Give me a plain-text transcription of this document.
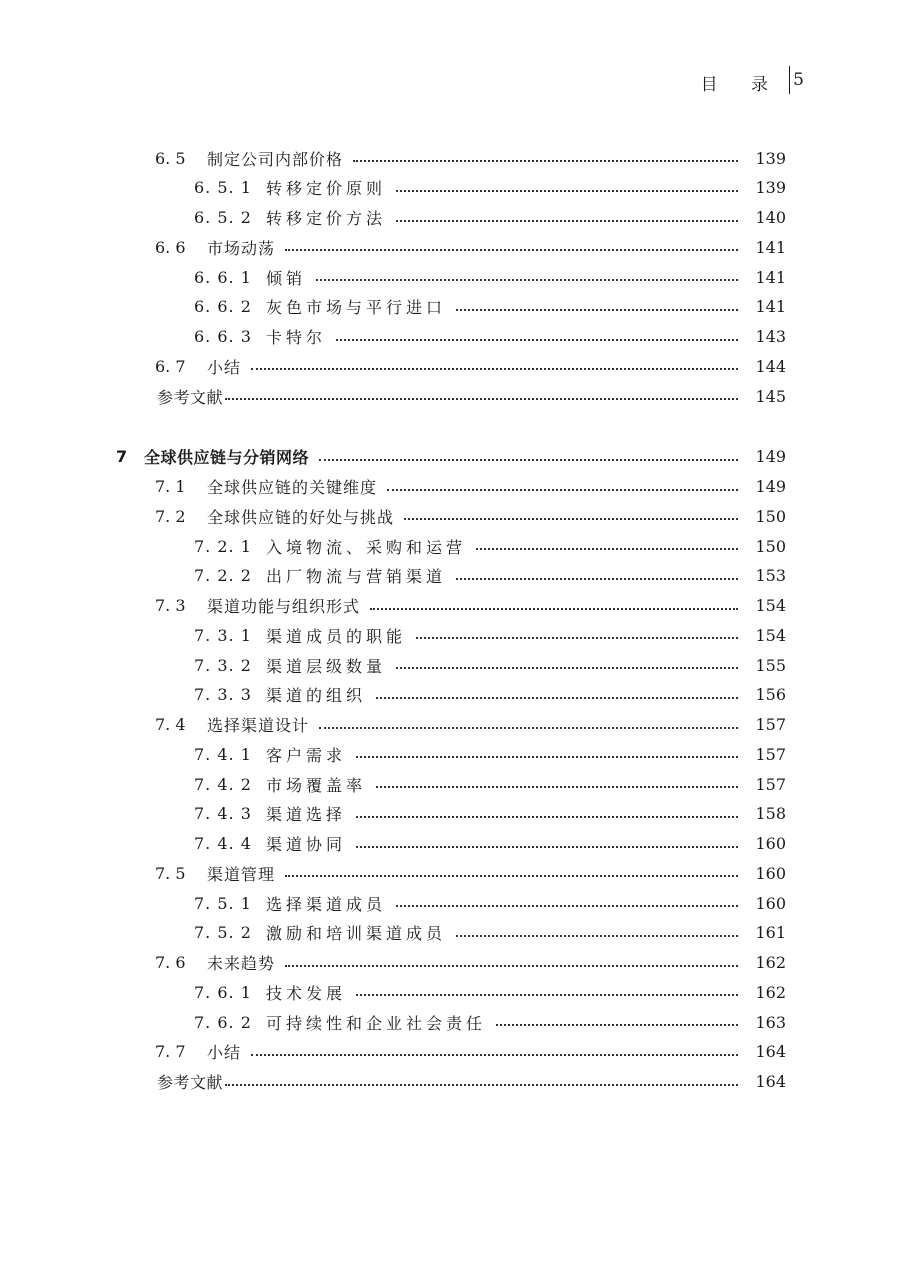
目 录 5
6. 5	制定公司内部价格	139
6. 5. 1 转移定价原则	139
6. 5. 2 转移定价方法	140
6. 6	市场动荡	141
6. 6. 1 倾销	141
6. 6. 2 灰色市场与平行进口	141
6. 6. 3 卡特尔	143
6. 7	小结	144
参考文献	145
7	全球供应链与分销网络	149
7. 1	全球供应链的关键维度	149
7. 2	全球供应链的好处与挑战	150
7. 2. 1 入境物流、采购和运营	150
7. 2. 2 出厂物流与营销渠道	153
7. 3	渠道功能与组织形式	154
7. 3. 1 渠道成员的职能	154
7. 3. 2 渠道层级数量	155
7. 3. 3 渠道的组织	156
7. 4	选择渠道设计	157
7. 4. 1 客户需求	157
7. 4. 2 市场覆盖率	157
7. 4. 3 渠道选择	158
7. 4. 4 渠道协同	160
7. 5	渠道管理	160
7. 5. 1 选择渠道成员	160
7. 5. 2 激励和培训渠道成员	161
7. 6	未来趋势	162
7. 6. 1 技术发展	162
7. 6. 2 可持续性和企业社会责任	163
7. 7	小结	164
参考文献	164
